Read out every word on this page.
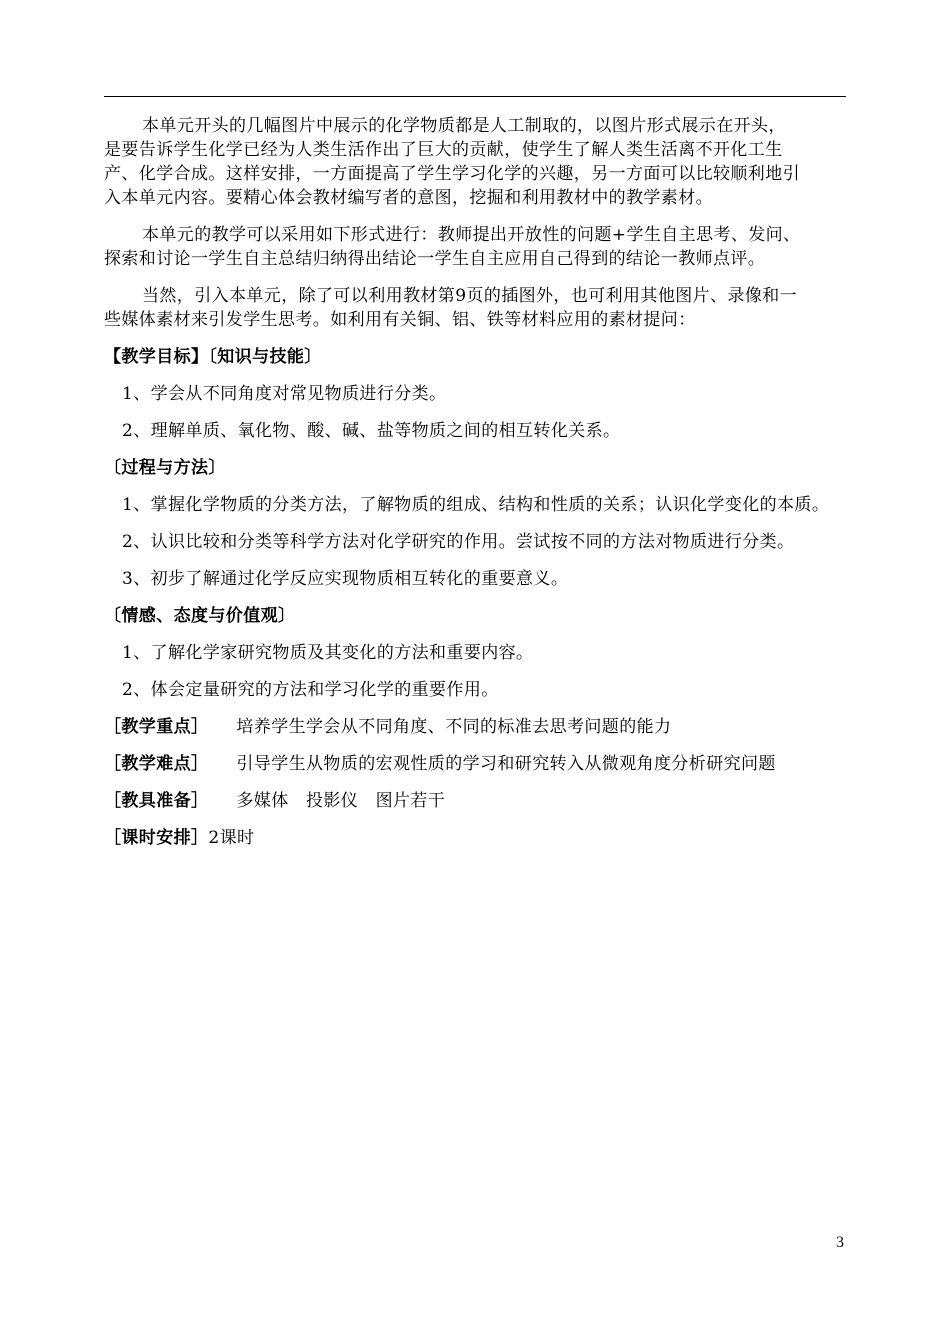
本单元开头的几幅图片中展示的化学物质都是人工制取的，以图片形式展示在开头，
是要告诉学生化学已经为人类生活作出了巨大的贡献，使学生了解人类生活离不开化工生
产、化学合成。这样安排，一方面提高了学生学习化学的兴趣，另一方面可以比较顺利地引
入本单元内容。要精心体会教材编写者的意图，挖掘和利用教材中的教学素材。

本单元的教学可以采用如下形式进行：教师提出开放性的问题+学生自主思考、发问、
探索和讨论一学生自主总结归纳得出结论一学生自主应用自己得到的结论一教师点评。

当然，引入本单元，除了可以利用教材第9页的插图外，也可利用其他图片、录像和一
些媒体素材来引发学生思考。如利用有关铜、铝、铁等材料应用的素材提问：

【教学目标】〔知识与技能〕

1、学会从不同角度对常见物质进行分类。

2、理解单质、氧化物、酸、碱、盐等物质之间的相互转化关系。

〔过程与方法〕

1、掌握化学物质的分类方法，了解物质的组成、结构和性质的关系；认识化学变化的本质。

2、认识比较和分类等科学方法对化学研究的作用。尝试按不同的方法对物质进行分类。

3、初步了解通过化学反应实现物质相互转化的重要意义。

〔情感、态度与价值观〕

1、了解化学家研究物质及其变化的方法和重要内容。

2、体会定量研究的方法和学习化学的重要作用。

［教学重点］ 培养学生学会从不同角度、不同的标准去思考问题的能力

［教学难点］ 引导学生从物质的宏观性质的学习和研究转入从微观角度分析研究问题

［教具准备］ 多媒体　投影仪　图片若干

［课时安排］2课时

3
